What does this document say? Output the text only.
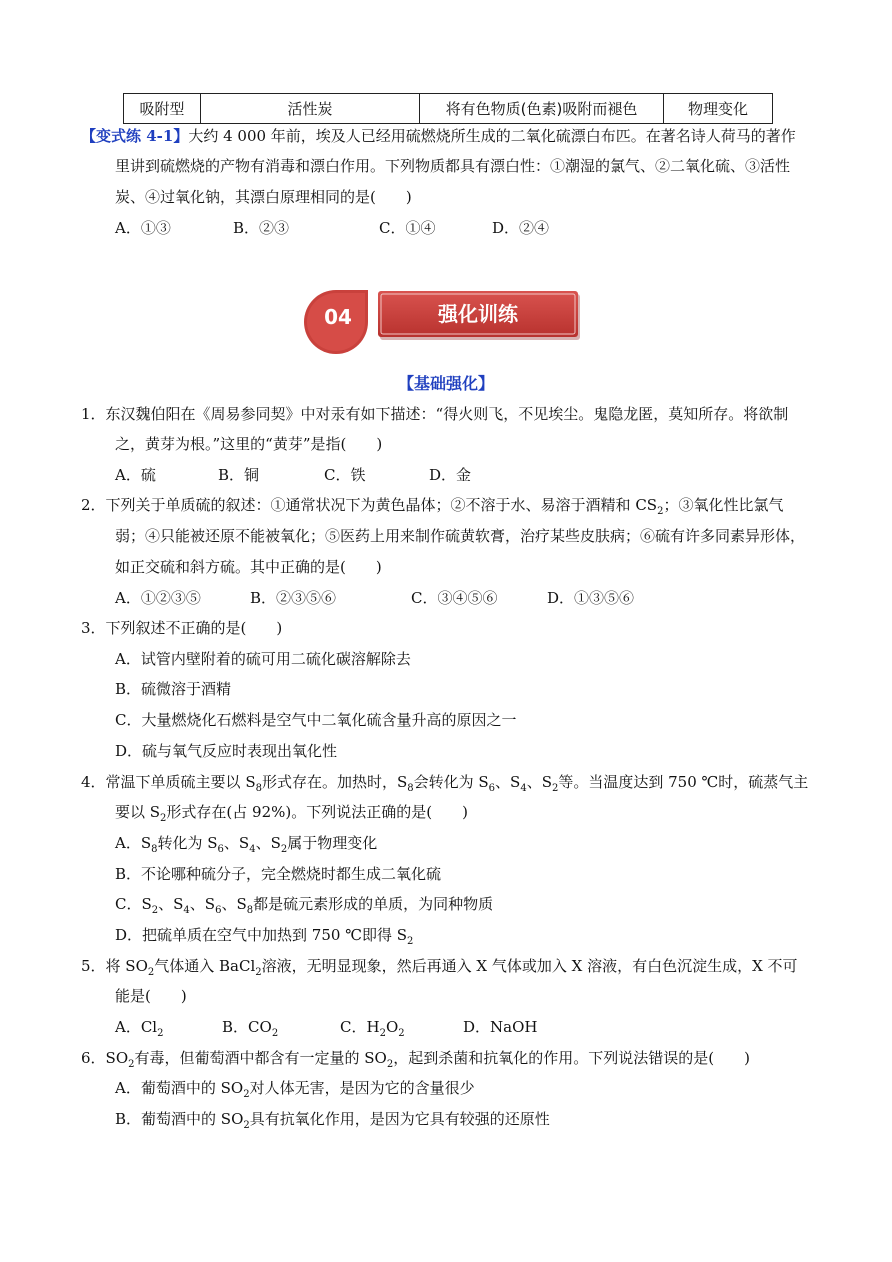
吸附型	活性炭	将有色物质(色素)吸附而褪色	物理变化
【变式练 4-1】大约 4 000 年前，埃及人已经用硫燃烧所生成的二氧化硫漂白布匹。在著名诗人荷马的著作
里讲到硫燃烧的产物有消毒和漂白作用。下列物质都具有漂白性：①潮湿的氯气、②二氧化硫、③活性
炭、④过氧化钠，其漂白原理相同的是(　　)
A．①③	B．②③	C．①④	D．②④
04	强化训练
【基础强化】
1．东汉魏伯阳在《周易参同契》中对汞有如下描述：“得火则飞，不见埃尘。鬼隐龙匿，莫知所存。将欲制
之，黄芽为根。”这里的“黄芽”是指(　　)
A．硫	B．铜	C．铁	D．金
2．下列关于单质硫的叙述：①通常状况下为黄色晶体；②不溶于水、易溶于酒精和 $CS_2$；③氧化性比氯气
弱；④只能被还原不能被氧化；⑤医药上用来制作硫黄软膏，治疗某些皮肤病；⑥硫有许多同素异形体，
如正交硫和斜方硫。其中正确的是(　　)
A．①②③⑤	B．②③⑤⑥	C．③④⑤⑥	D．①③⑤⑥
3．下列叙述不正确的是(　　)
A．试管内壁附着的硫可用二硫化碳溶解除去
B．硫微溶于酒精
C．大量燃烧化石燃料是空气中二氧化硫含量升高的原因之一
D．硫与氧气反应时表现出氧化性
4．常温下单质硫主要以 $S_8$形式存在。加热时，$S_8$会转化为 $S_6$、$S_4$、$S_2$等。当温度达到 750 ℃时，硫蒸气主
要以 $S_2$形式存在(占 92%)。下列说法正确的是(　　)
A．$S_8$转化为 $S_6$、$S_4$、$S_2$属于物理变化
B．不论哪种硫分子，完全燃烧时都生成二氧化硫
C．$S_2$、$S_4$、$S_6$、$S_8$都是硫元素形成的单质，为同种物质
D．把硫单质在空气中加热到 750 ℃即得 $S_2$
5．将 $SO_2$气体通入 BaCl$_2$溶液，无明显现象，然后再通入 X 气体或加入 X 溶液，有白色沉淀生成，X 不可
能是(　　)
A．$Cl_2$	B．$CO_2$	C．$H_2O_2$	D．NaOH
6．$SO_2$有毒，但葡萄酒中都含有一定量的 $SO_2$，起到杀菌和抗氧化的作用。下列说法错误的是(　　)
A．葡萄酒中的 $SO_2$对人体无害，是因为它的含量很少
B．葡萄酒中的 $SO_2$具有抗氧化作用，是因为它具有较强的还原性
